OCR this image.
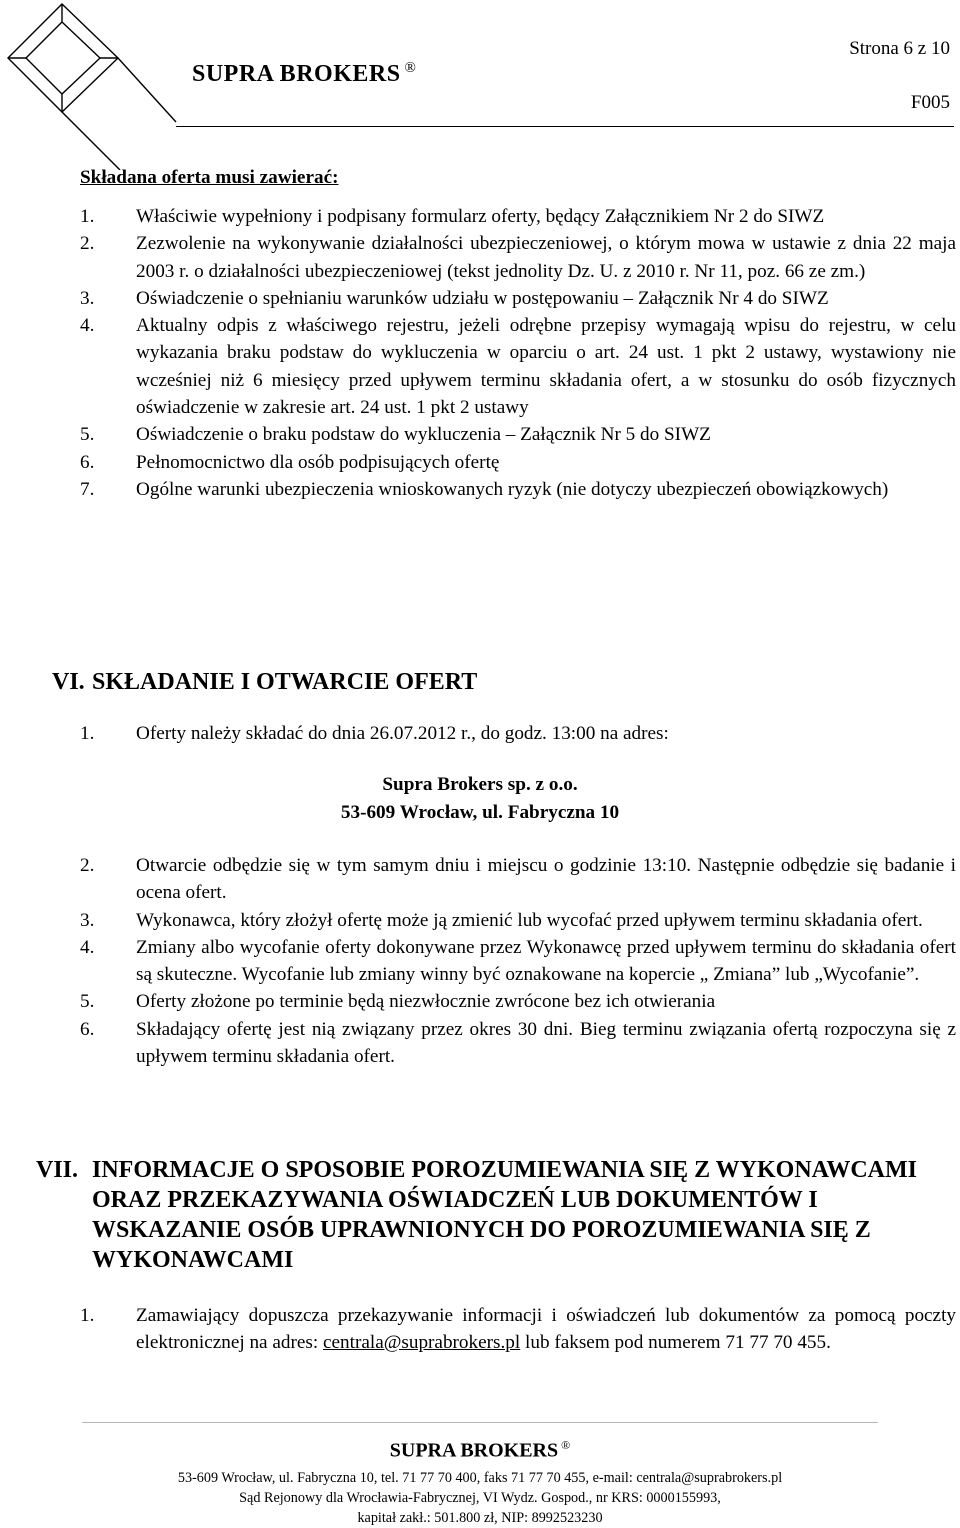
SUPRA BROKERS ®
Strona 6 z 10
F005
Składana oferta musi zawierać:
1. Właściwie wypełniony i podpisany formularz oferty, będący Załącznikiem Nr 2 do SIWZ
2. Zezwolenie na wykonywanie działalności ubezpieczeniowej, o którym mowa w ustawie z dnia 22 maja 2003 r. o działalności ubezpieczeniowej (tekst jednolity Dz. U. z 2010 r. Nr 11, poz. 66 ze zm.)
3. Oświadczenie o spełnianiu warunków udziału w postępowaniu – Załącznik Nr 4 do SIWZ
4. Aktualny odpis z właściwego rejestru, jeżeli odrębne przepisy wymagają wpisu do rejestru, w celu wykazania braku podstaw do wykluczenia w oparciu o art. 24 ust. 1 pkt 2 ustawy, wystawiony nie wcześniej niż 6 miesięcy przed upływem terminu składania ofert, a w stosunku do osób fizycznych oświadczenie w zakresie art. 24 ust. 1 pkt 2 ustawy
5. Oświadczenie o braku podstaw do wykluczenia – Załącznik Nr 5 do SIWZ
6. Pełnomocnictwo dla osób podpisujących ofertę
7. Ogólne warunki ubezpieczenia wnioskowanych ryzyk (nie dotyczy ubezpieczeń obowiązkowych)
VI. SKŁADANIE I OTWARCIE OFERT
1. Oferty należy składać do dnia 26.07.2012 r., do godz. 13:00 na adres:
Supra Brokers sp. z o.o.
53-609 Wrocław, ul. Fabryczna 10
2. Otwarcie odbędzie się w tym samym dniu i miejscu o godzinie 13:10. Następnie odbędzie się badanie i ocena ofert.
3. Wykonawca, który złożył ofertę może ją zmienić lub wycofać przed upływem terminu składania ofert.
4. Zmiany albo wycofanie oferty dokonywane przez Wykonawcę przed upływem terminu do składania ofert są skuteczne. Wycofanie lub zmiany winny być oznakowane na kopercie „ Zmiana” lub „Wycofanie”.
5. Oferty złożone po terminie będą niezwłocznie zwrócone bez ich otwierania
6. Składający ofertę jest nią związany przez okres 30 dni. Bieg terminu związania ofertą rozpoczyna się z upływem terminu składania ofert.
VII. INFORMACJE O SPOSOBIE POROZUMIEWANIA SIĘ Z WYKONAWCAMI ORAZ PRZEKAZYWANIA OŚWIADCZEŃ LUB DOKUMENTÓW I WSKAZANIE OSÓB UPRAWNIONYCH DO POROZUMIEWANIA SIĘ Z WYKONAWCAMI
1. Zamawiający dopuszcza przekazywanie informacji i oświadczeń lub dokumentów za pomocą poczty elektronicznej na adres: centrala@suprabrokers.pl lub faksem pod numerem 71 77 70 455.
SUPRA BROKERS ®
53-609 Wrocław, ul. Fabryczna 10, tel. 71 77 70 400, faks 71 77 70 455, e-mail: centrala@suprabrokers.pl
Sąd Rejonowy dla Wrocławia-Fabrycznej, VI Wydz. Gospod., nr KRS: 0000155993,
kapitał zakł.: 501.800 zł, NIP: 8992523230
